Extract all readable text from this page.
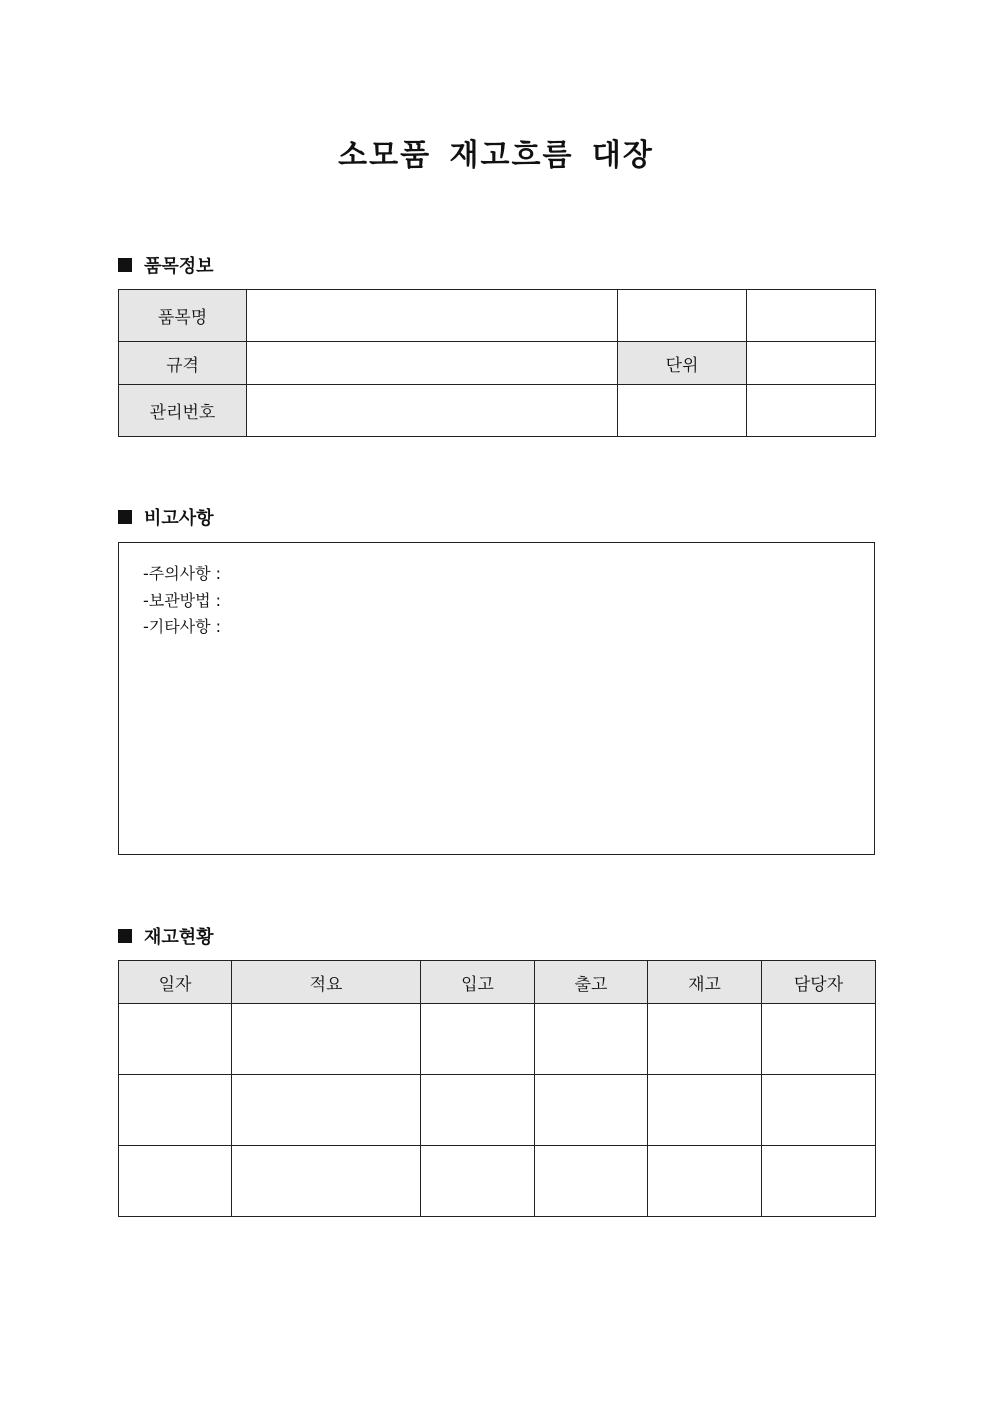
소모품 재고흐름 대장
품목정보
품목명			
규격		단위	
관리번호			
비고사항
-주의사항 :
-보관방법 :
-기타사항 :
재고현황
일자	적요	입고	출고	재고	담당자
